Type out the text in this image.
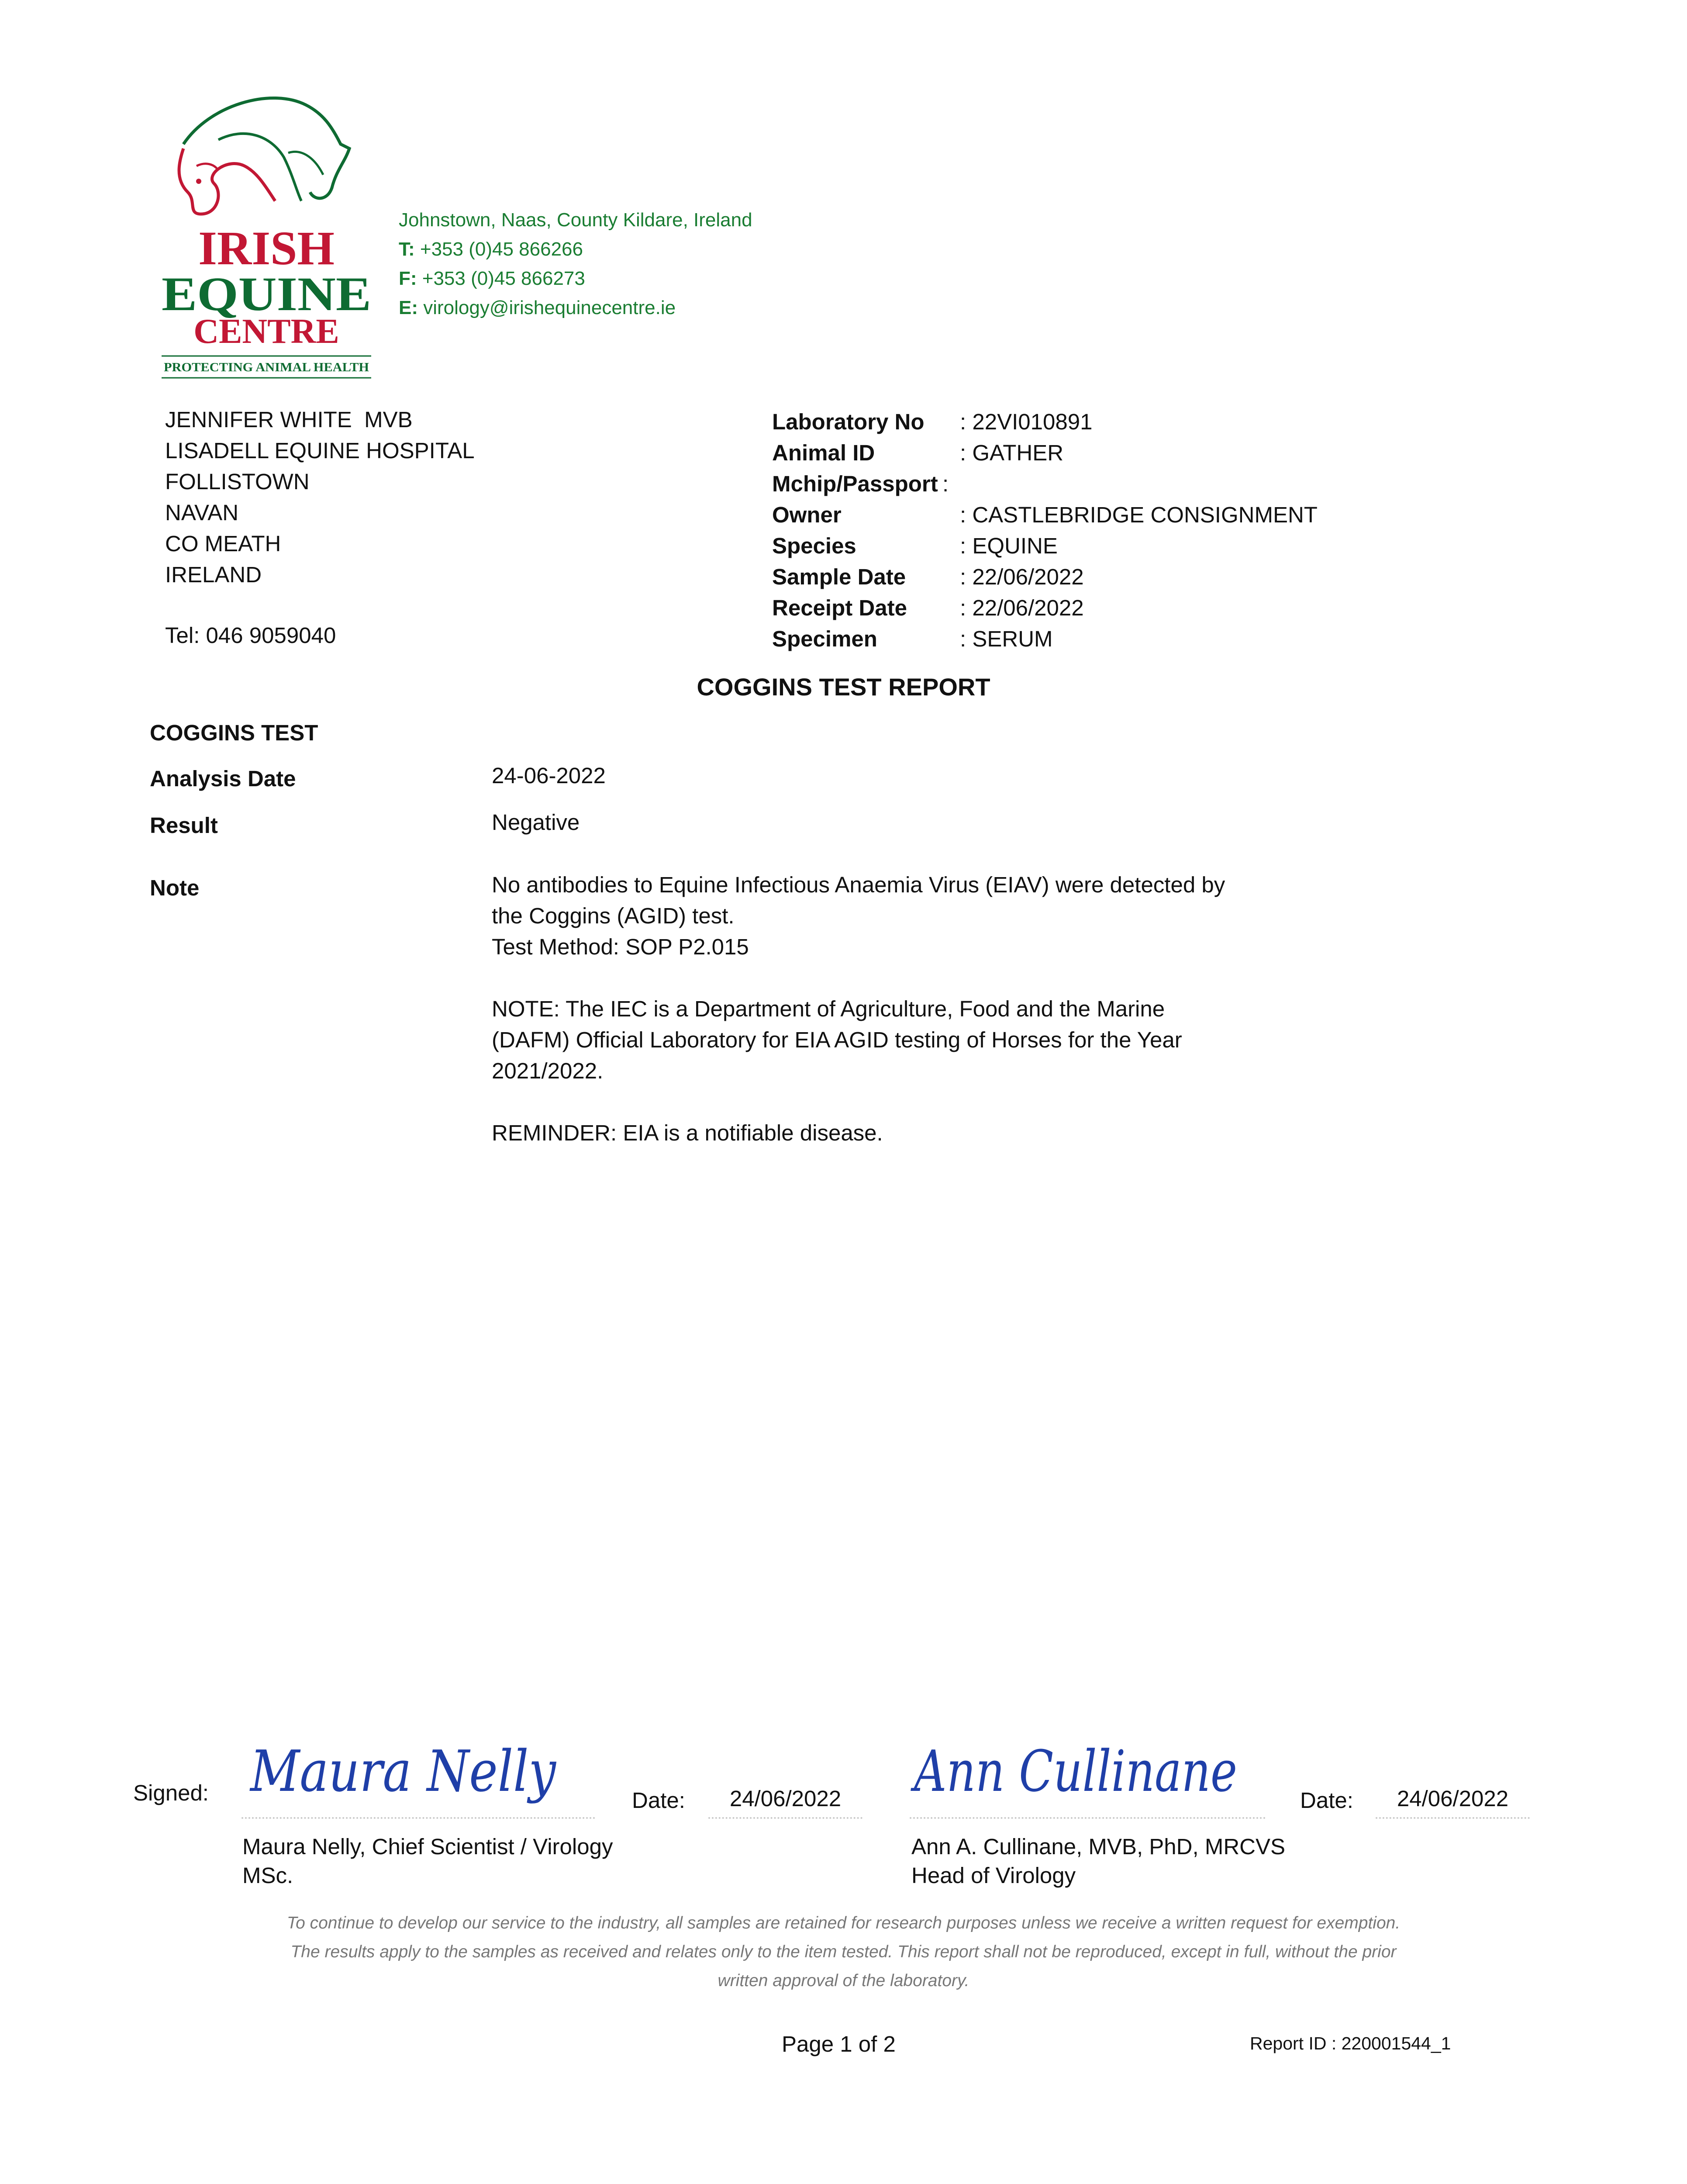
IRISH
EQUINE
CENTRE
PROTECTING ANIMAL HEALTH
Johnstown, Naas, County Kildare, Ireland
T: +353 (0)45 866266
F: +353 (0)45 866273
E: virology@irishequinecentre.ie
JENNIFER WHITE  MVB
LISADELL EQUINE HOSPITAL
FOLLISTOWN
NAVAN
CO MEATH
IRELAND
Tel: 046 9059040
Laboratory No	: 22VI010891
Animal ID	: GATHER
Mchip/Passport :
Owner	: CASTLEBRIDGE CONSIGNMENT
Species	: EQUINE
Sample Date	: 22/06/2022
Receipt Date	: 22/06/2022
Specimen	: SERUM
COGGINS TEST REPORT
COGGINS TEST
Analysis Date	24-06-2022
Result	Negative
Note	No antibodies to Equine Infectious Anaemia Virus (EIAV) were detected by

the Coggins (AGID) test.

Test Method: SOP P2.015

NOTE: The IEC is a Department of Agriculture, Food and the Marine

(DAFM) Official Laboratory for EIA AGID testing of Horses for the Year

2021/2022.

REMINDER: EIA is a notifiable disease.

Signed: Maura Nelly	Date:	24/06/2022	Ann Cullinane	Date:	24/06/2022
Maura Nelly, Chief Scientist / Virology
MSc.
Ann A. Cullinane, MVB, PhD, MRCVS
Head of Virology
To continue to develop our service to the industry, all samples are retained for research purposes unless we receive a written request for exemption.
The results apply to the samples as received and relates only to the item tested. This report shall not be reproduced, except in full, without the prior
written approval of the laboratory.
Page 1 of 2	Report ID : 220001544_1
